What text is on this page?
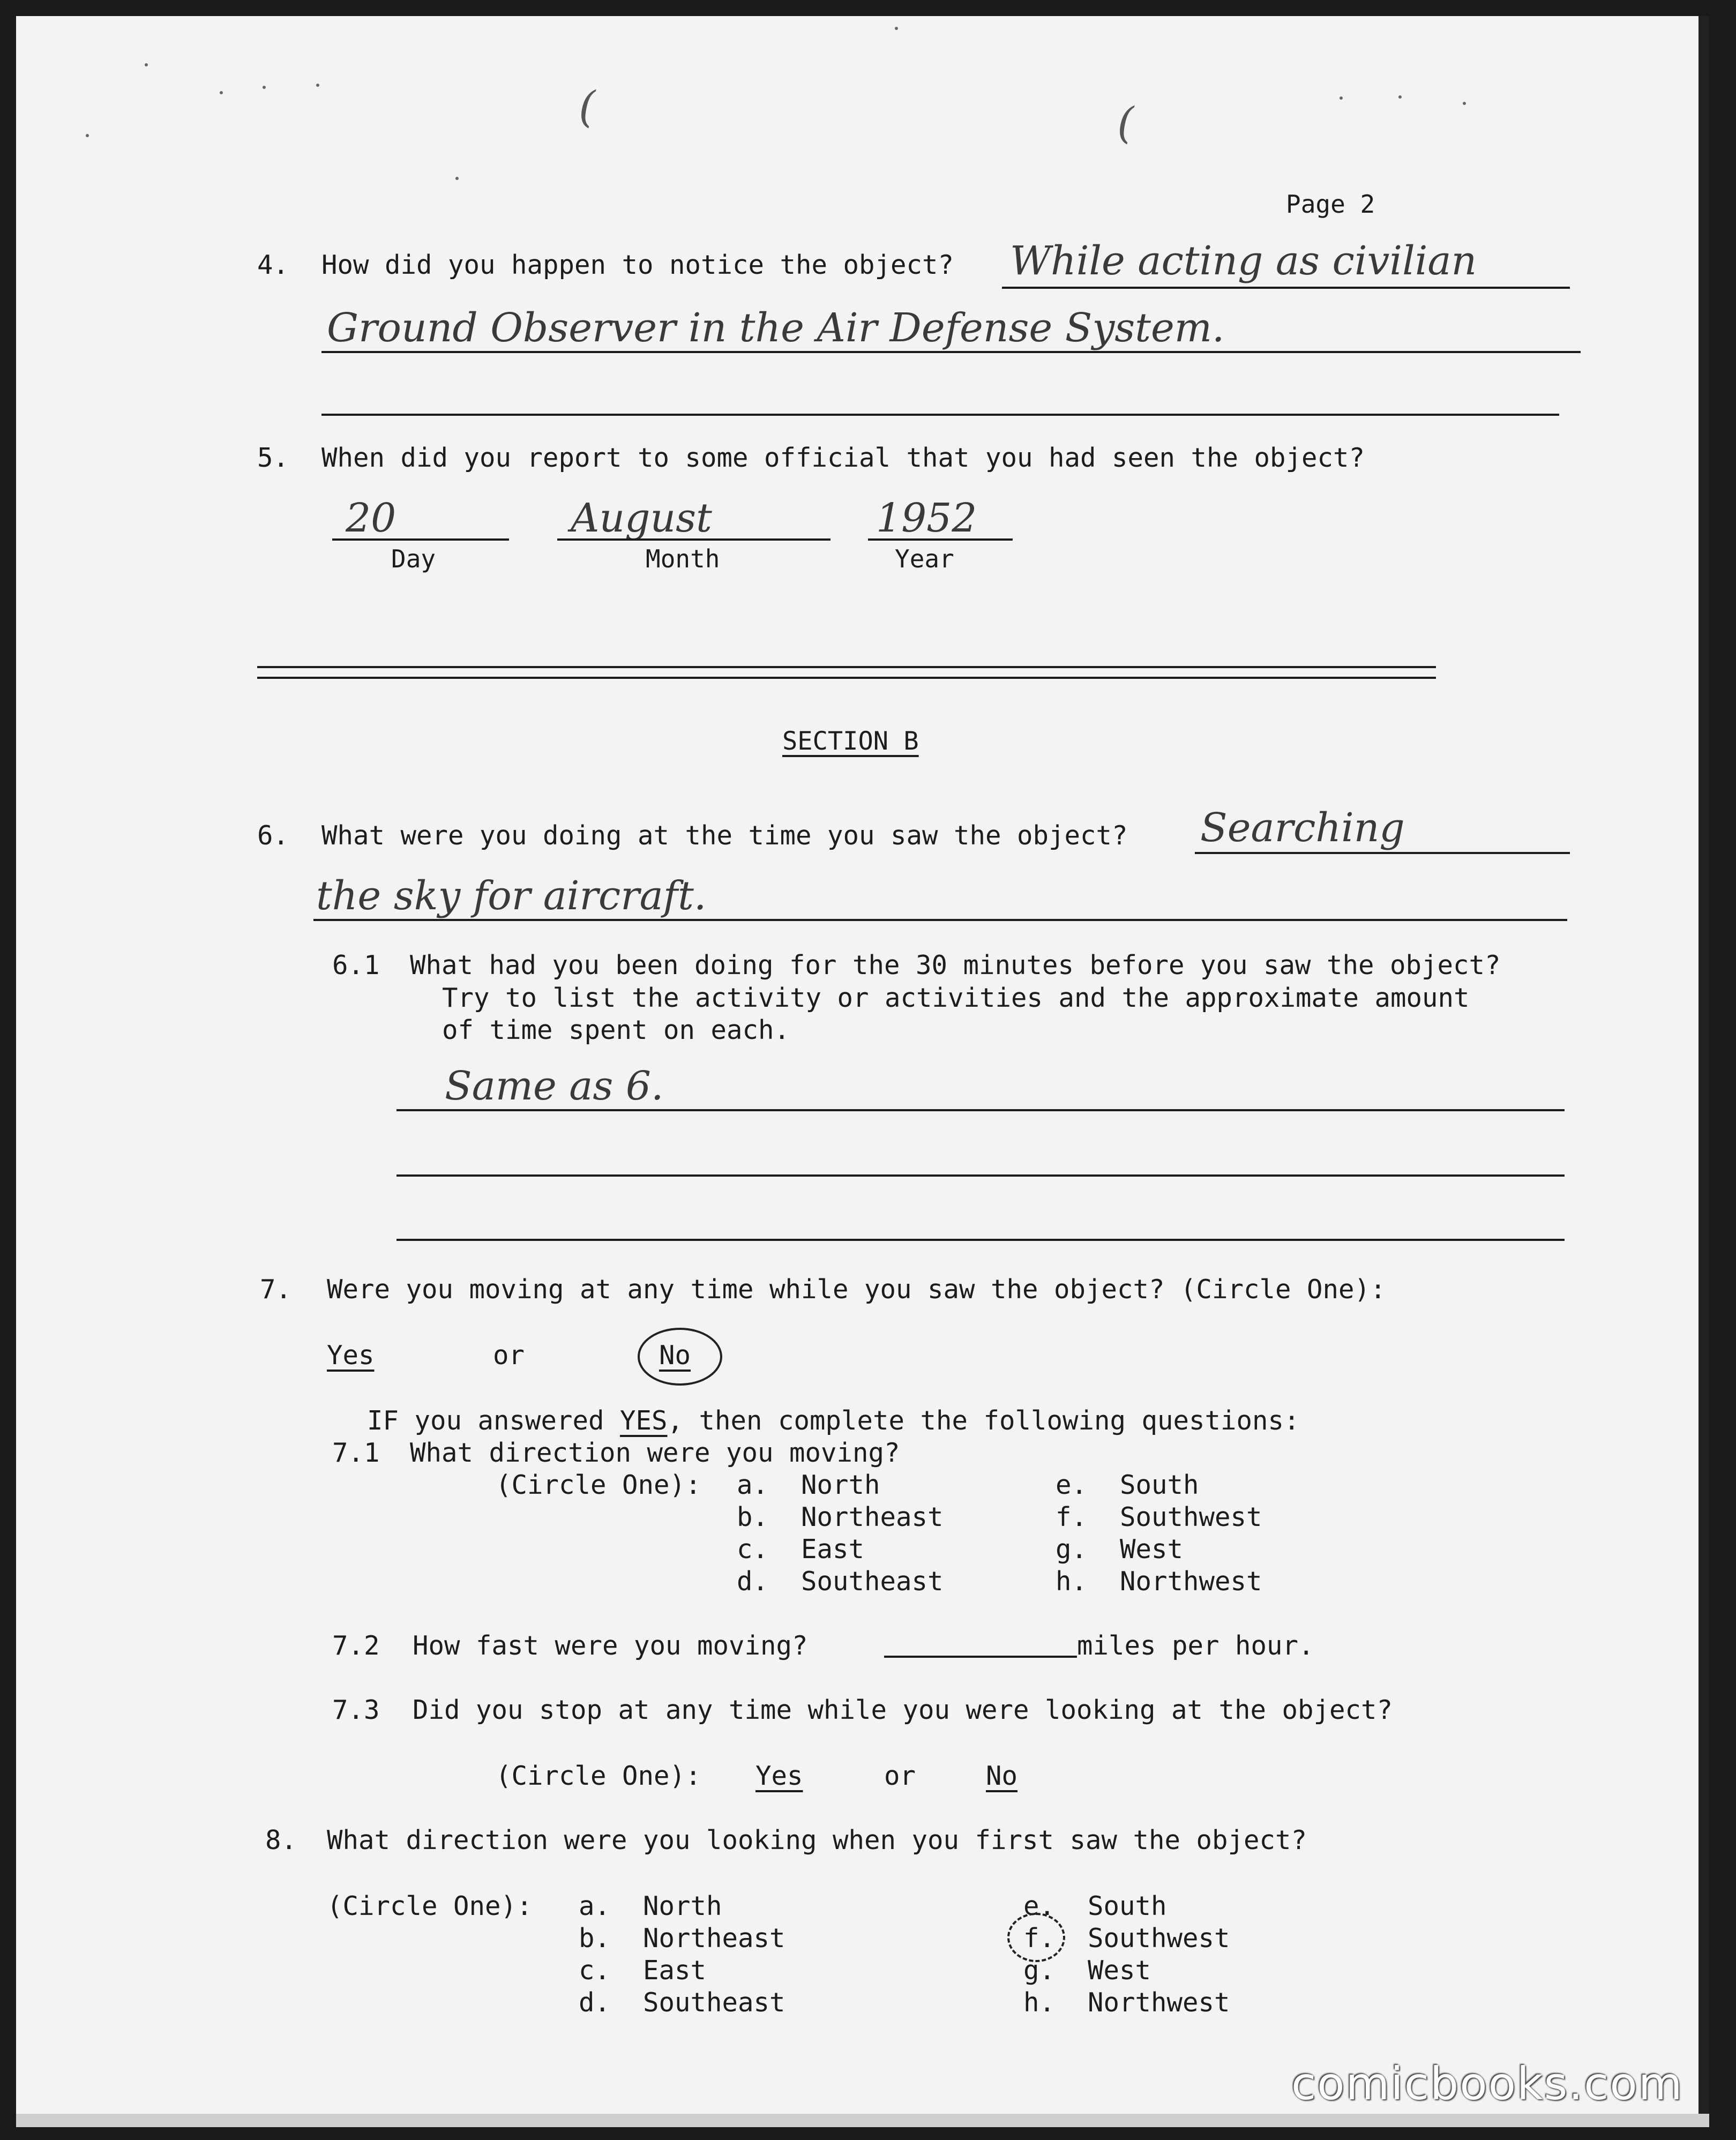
(	(
Page 2
4. How did you happen to notice the object? While acting as civilian
Ground Observer in the Air Defense System.
5. When did you report to some official that you had seen the object?
20
Day
August
Month
1952
Year
SECTION B
6. What were you doing at the time you saw the object? Searching
the sky for aircraft.
6.1 What had you been doing for the 30 minutes before you saw the object?
Try to list the activity or activities and the approximate amount
of time spent on each.
Same as 6.
7. Were you moving at any time while you saw the object? (Circle One):
Yes	or	No
IF you answered YES, then complete the following questions:
7.1 What direction were you moving?
(Circle One): a. North
b. Northeast
c. East
d. Southeast
e. South
f. Southwest
g. West
h. Northwest
7.2 How fast were you moving?	miles per hour.
7.3 Did you stop at any time while you were looking at the object?
(Circle One): Yes	or	No
8. What direction were you looking when you first saw the object?
(Circle One): a. North
b. Northeast
c. East
d. Southeast
e. South
f. Southwest
g. West
h. Northwest
comicbooks.com
